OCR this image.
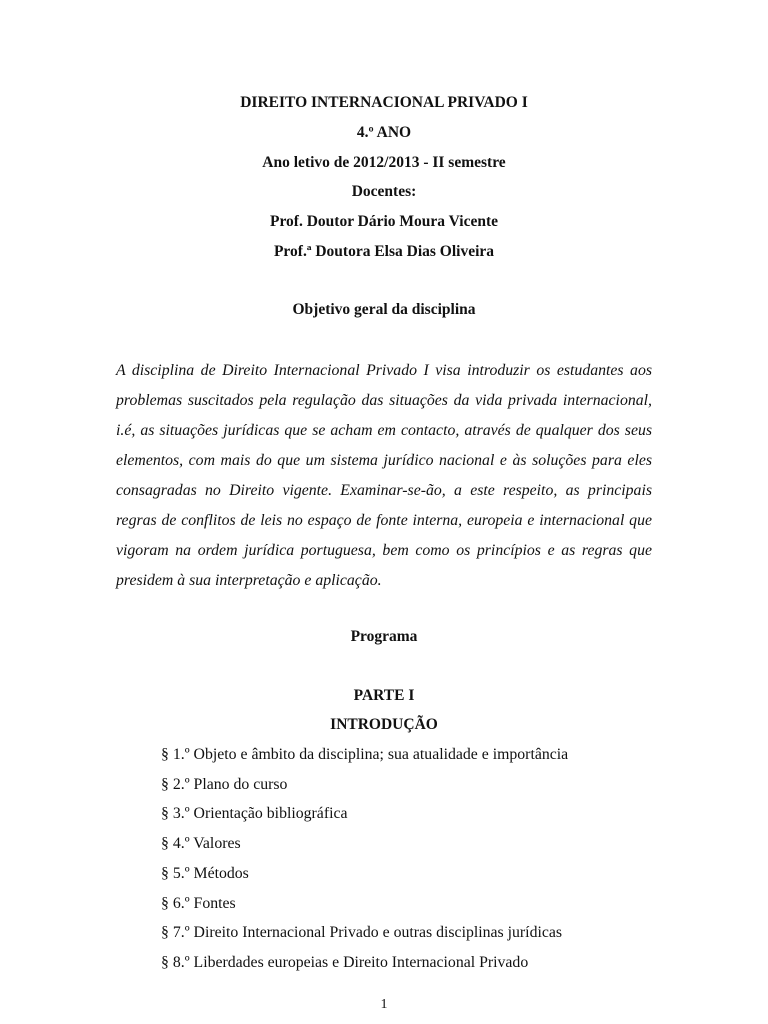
DIREITO INTERNACIONAL PRIVADO I
4.º ANO
Ano letivo de 2012/2013 - II semestre
Docentes:
Prof. Doutor Dário Moura Vicente
Prof.ª Doutora Elsa Dias Oliveira
Objetivo geral da disciplina

A disciplina de Direito Internacional Privado I visa introduzir os estudantes aos problemas suscitados pela regulação das situações da vida privada internacional, i.é, as situações jurídicas que se acham em contacto, através de qualquer dos seus elementos, com mais do que um sistema jurídico nacional e às soluções para eles consagradas no Direito vigente. Examinar-se-ão, a este respeito, as principais regras de conflitos de leis no espaço de fonte interna, europeia e internacional que vigoram na ordem jurídica portuguesa, bem como os princípios e as regras que presidem à sua interpretação e aplicação.

Programa
PARTE I
INTRODUÇÃO
§ 1.º Objeto e âmbito da disciplina; sua atualidade e importância
§ 2.º Plano do curso
§ 3.º Orientação bibliográfica
§ 4.º Valores
§ 5.º Métodos
§ 6.º Fontes
§ 7.º Direito Internacional Privado e outras disciplinas jurídicas
§ 8.º Liberdades europeias e Direito Internacional Privado
1
